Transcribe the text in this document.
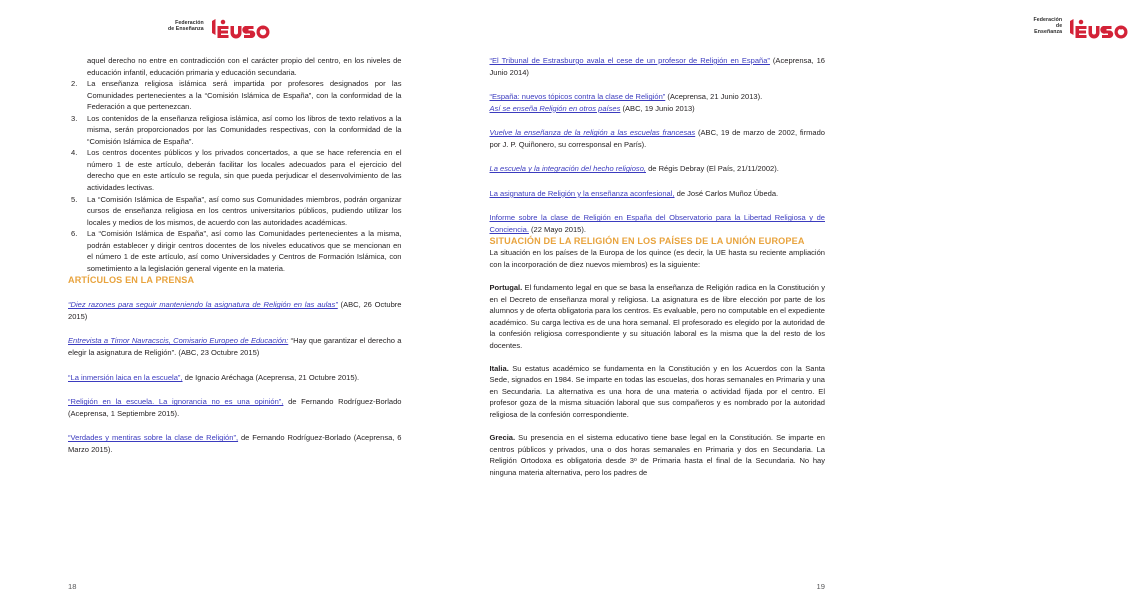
Federación
de Enseñanza

aquel derecho no entre en contradicción con el carácter propio del centro, en los niveles de educación infantil, educación primaria y educación secundaria.

2.	La enseñanza religiosa islámica será impartida por profesores designados por las Comunidades pertenecientes a la “Comisión Islámica de España”, con la conformidad de la Federación a que pertenezcan.
3.	Los contenidos de la enseñanza religiosa islámica, así como los libros de texto relativos a la misma, serán proporcionados por las Comunidades respectivas, con la conformidad de la “Comisión Islámica de España”.
4.	Los centros docentes públicos y los privados concertados, a que se hace referencia en el número 1 de este artículo, deberán facilitar los locales adecuados para el ejercicio del derecho que en este artículo se regula, sin que pueda perjudicar el desenvolvimiento de las actividades lectivas.
5.	La “Comisión Islámica de España”, así como sus Comunidades miembros, podrán organizar cursos de enseñanza religiosa en los centros universitarios públicos, pudiendo utilizar los locales y medios de los mismos, de acuerdo con las autoridades académicas.
6.	La “Comisión Islámica de España”, así como las Comunidades pertenecientes a la misma, podrán establecer y dirigir centros docentes de los niveles educativos que se mencionan en el número 1 de este artículo, así como Universidades y Centros de Formación Islámica, con sometimiento a la legislación general vigente en la materia.
ARTÍCULOS EN LA PRENSA

“Diez razones para seguir manteniendo la asignatura de Religión en las aulas” (ABC, 26 Octubre 2015)

Entrevista a Timor Navracscis, Comisario Europeo de Educación: “Hay que garantizar el derecho a elegir la asignatura de Religión”. (ABC, 23 Octubre 2015)

“La inmersión laica en la escuela”, de Ignacio Aréchaga (Aceprensa, 21 Octubre 2015).

“Religión en la escuela. La ignorancia no es una opinión”, de Fernando Rodríguez-Borlado (Aceprensa, 1 Septiembre 2015).

“Verdades y mentiras sobre la clase de Religión”, de Fernando Rodríguez-Borlado (Aceprensa, 6 Marzo 2015).

18
Federación
de Enseñanza

“El Tribunal de Estrasburgo avala el cese de un profesor de Religión en España” (Aceprensa, 16 Junio 2014)

“España: nuevos tópicos contra la clase de Religión” (Aceprensa, 21 Junio 2013).
Así se enseña Religión en otros países (ABC, 19 Junio 2013)

Vuelve la enseñanza de la religión a las escuelas francesas (ABC, 19 de marzo de 2002, firmado por J. P. Quiñonero, su corresponsal en París).

La escuela y la integración del hecho religioso, de Régis Debray (El País, 21/11/2002).

La asignatura de Religión y la enseñanza aconfesional, de José Carlos Muñoz Úbeda.

Informe sobre la clase de Religión en España del Observatorio para la Libertad Religiosa y de Conciencia. (22 Mayo 2015).

SITUACIÓN DE LA RELIGIÓN EN LOS PAÍSES DE LA UNIÓN EUROPEA

La situación en los países de la Europa de los quince (es decir, la UE hasta su reciente ampliación con la incorporación de diez nuevos miembros) es la siguiente:

Portugal. El fundamento legal en que se basa la enseñanza de Religión radica en la Constitución y en el Decreto de enseñanza moral y religiosa. La asignatura es de libre elección por parte de los alumnos y de oferta obligatoria para los centros. Es evaluable, pero no computable en el expediente académico. Su carga lectiva es de una hora semanal. El profesorado es elegido por la autoridad de la confesión religiosa correspondiente y su situación laboral es la misma que la del resto de los docentes.

Italia. Su estatus académico se fundamenta en la Constitución y en los Acuerdos con la Santa Sede, signados en 1984. Se imparte en todas las escuelas, dos horas semanales en Primaria y una en Secundaria. La alternativa es una hora de una materia o actividad fijada por el centro. El profesor goza de la misma situación laboral que sus compañeros y es nombrado por la autoridad religiosa de la confesión correspondiente.

Grecia. Su presencia en el sistema educativo tiene base legal en la Constitución. Se imparte en centros públicos y privados, una o dos horas semanales en Primaria y dos en Secundaria. La Religión Ortodoxa es obligatoria desde 3º de Primaria hasta el final de la Secundaria. No hay ninguna materia alternativa, pero los padres de

19
